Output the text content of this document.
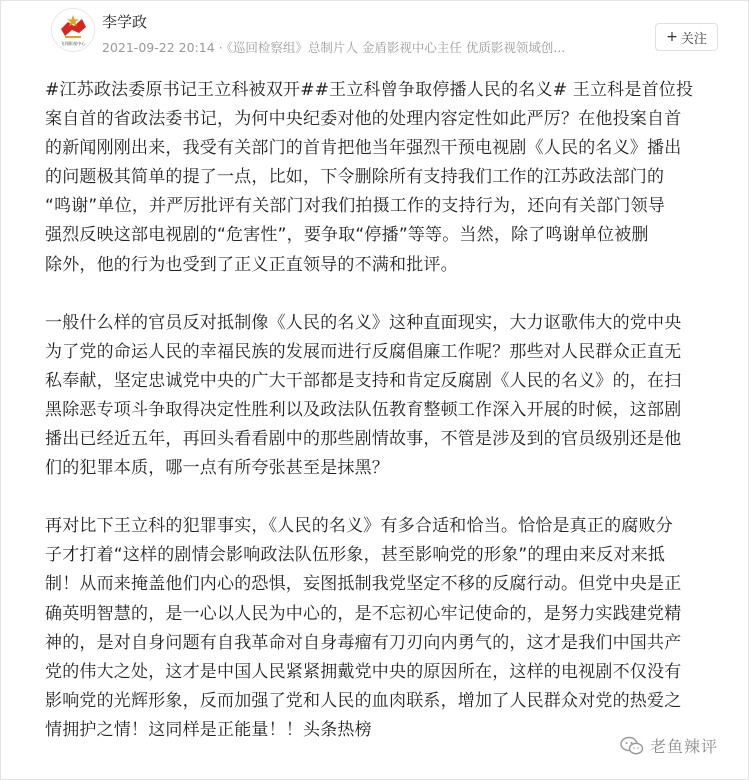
飞翔影视中心
李学政
2021-09-22 20:14 · 《巡回检察组》总制片人 金盾影视中心主任 优质影视领域创...
+ 关注

#江苏政法委原书记王立科被双开##王立科曾争取停播人民的名义# 王立科是首位投

案自首的省政法委书记，为何中央纪委对他的处理内容定性如此严厉？在他投案自首

的新闻刚刚出来，我受有关部门的首肯把他当年强烈干预电视剧《人民的名义》播出

的问题极其简单的提了一点，比如，下令删除所有支持我们工作的江苏政法部门的

“鸣谢”单位，并严厉批评有关部门对我们拍摄工作的支持行为，还向有关部门领导

强烈反映这部电视剧的“危害性”，要争取“停播”等等。当然，除了鸣谢单位被删

除外，他的行为也受到了正义正直领导的不满和批评。

一般什么样的官员反对抵制像《人民的名义》这种直面现实，大力讴歌伟大的党中央

为了党的命运人民的幸福民族的发展而进行反腐倡廉工作呢？那些对人民群众正直无

私奉献，坚定忠诚党中央的广大干部都是支持和肯定反腐剧《人民的名义》的，在扫

黑除恶专项斗争取得决定性胜利以及政法队伍教育整顿工作深入开展的时候，这部剧

播出已经近五年，再回头看看剧中的那些剧情故事，不管是涉及到的官员级别还是他

们的犯罪本质，哪一点有所夸张甚至是抹黑？

再对比下王立科的犯罪事实，《人民的名义》有多合适和恰当。恰恰是真正的腐败分

子才打着“这样的剧情会影响政法队伍形象，甚至影响党的形象”的理由来反对来抵

制！从而来掩盖他们内心的恐惧，妄图抵制我党坚定不移的反腐行动。但党中央是正

确英明智慧的，是一心以人民为中心的，是不忘初心牢记使命的，是努力实践建党精

神的，是对自身问题有自我革命对自身毒瘤有刀刃向内勇气的，这才是我们中国共产

党的伟大之处，这才是中国人民紧紧拥戴党中央的原因所在，这样的电视剧不仅没有

影响党的光辉形象，反而加强了党和人民的血肉联系，增加了人民群众对党的热爱之

情拥护之情！这同样是正能量！！头条热榜

老鱼辣评
